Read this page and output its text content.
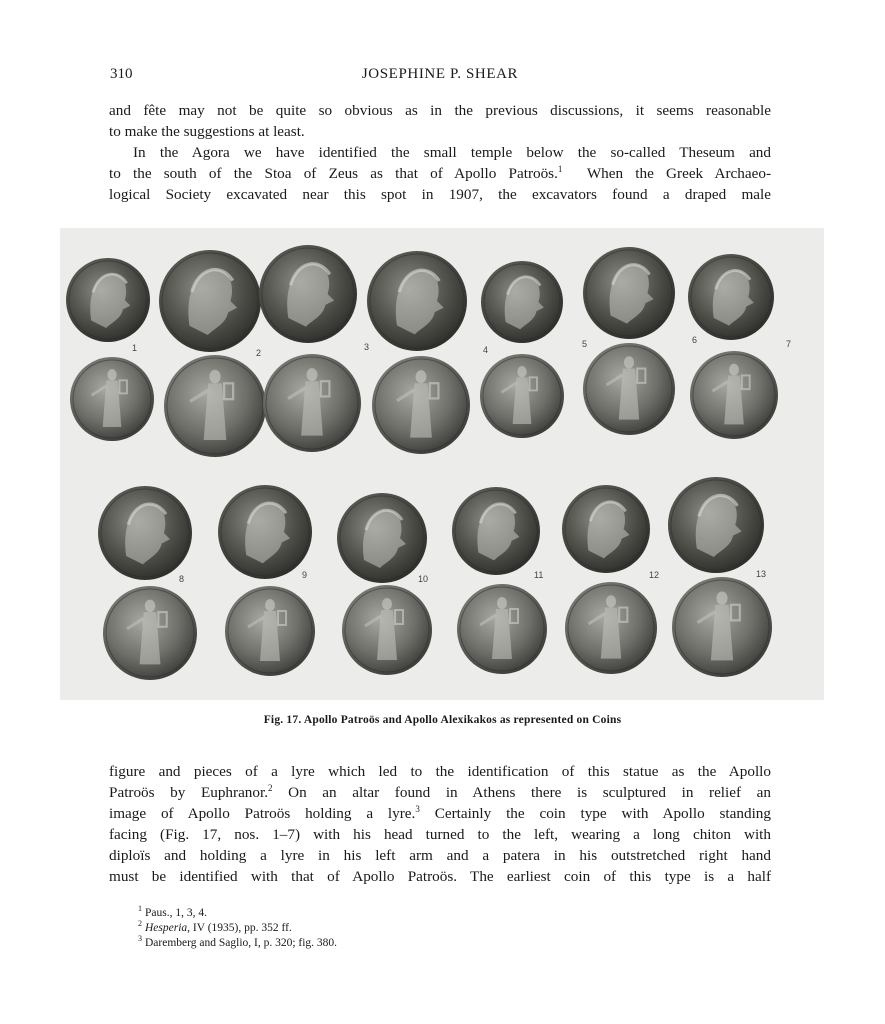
310	JOSEPHINE P. SHEAR
and fête may not be quite so obvious as in the previous discussions, it seems reasonable
to make the suggestions at least.
In the Agora we have identified the small temple below the so-called Theseum and
to the south of the Stoa of Zeus as that of Apollo Patroös.$^1$ When the Greek Archaeo-
logical Society excavated near this spot in 1907, the excavators found a draped male
1	2
3	4
5	6	7
8	9	10	11	12	13
Fig. 17. Apollo Patroös and Apollo Alexikakos as represented on Coins
figure and pieces of a lyre which led to the identification of this statue as the Apollo
Patroös by Euphranor.$^2$ On an altar found in Athens there is sculptured in relief an
image of Apollo Patroös holding a lyre.$^3$ Certainly the coin type with Apollo standing
facing (Fig. 17, nos. 1–7) with his head turned to the left, wearing a long chiton with
diploïs and holding a lyre in his left arm and a patera in his outstretched right hand
must be identified with that of Apollo Patroös. The earliest coin of this type is a half
$^1$ Paus., 1, 3, 4.
$^2$ Hesperia, IV (1935), pp. 352 ff.
$^3$ Daremberg and Saglio, I, p. 320; fig. 380.
